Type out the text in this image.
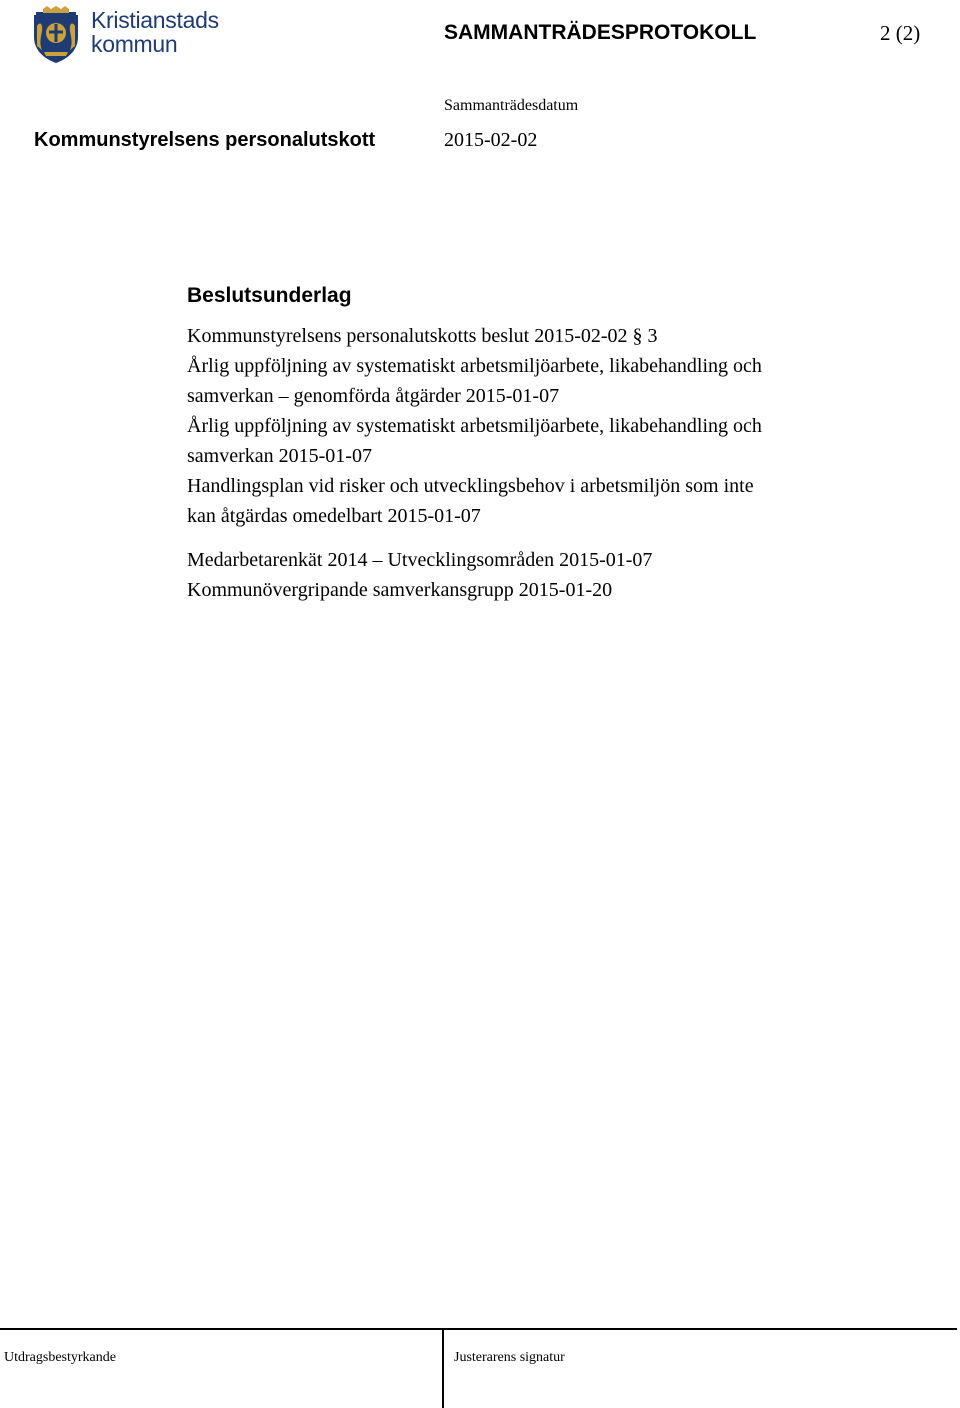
Kristianstads
kommun	SAMMANTRÄDESPROTOKOLL	2 (2)
Sammanträdesdatum
Kommunstyrelsens personalutskott	2015-02-02
Beslutsunderlag
Kommunstyrelsens personalutskotts beslut 2015-02-02 § 3
Årlig uppföljning av systematiskt arbetsmiljöarbete, likabehandling och
samverkan – genomförda åtgärder 2015-01-07
Årlig uppföljning av systematiskt arbetsmiljöarbete, likabehandling och
samverkan 2015-01-07
Handlingsplan vid risker och utvecklingsbehov i arbetsmiljön som inte
kan åtgärdas omedelbart 2015-01-07
Medarbetarenkät 2014 – Utvecklingsområden 2015-01-07
Kommunövergripande samverkansgrupp 2015-01-20
Utdragsbestyrkande	Justerarens signatur
